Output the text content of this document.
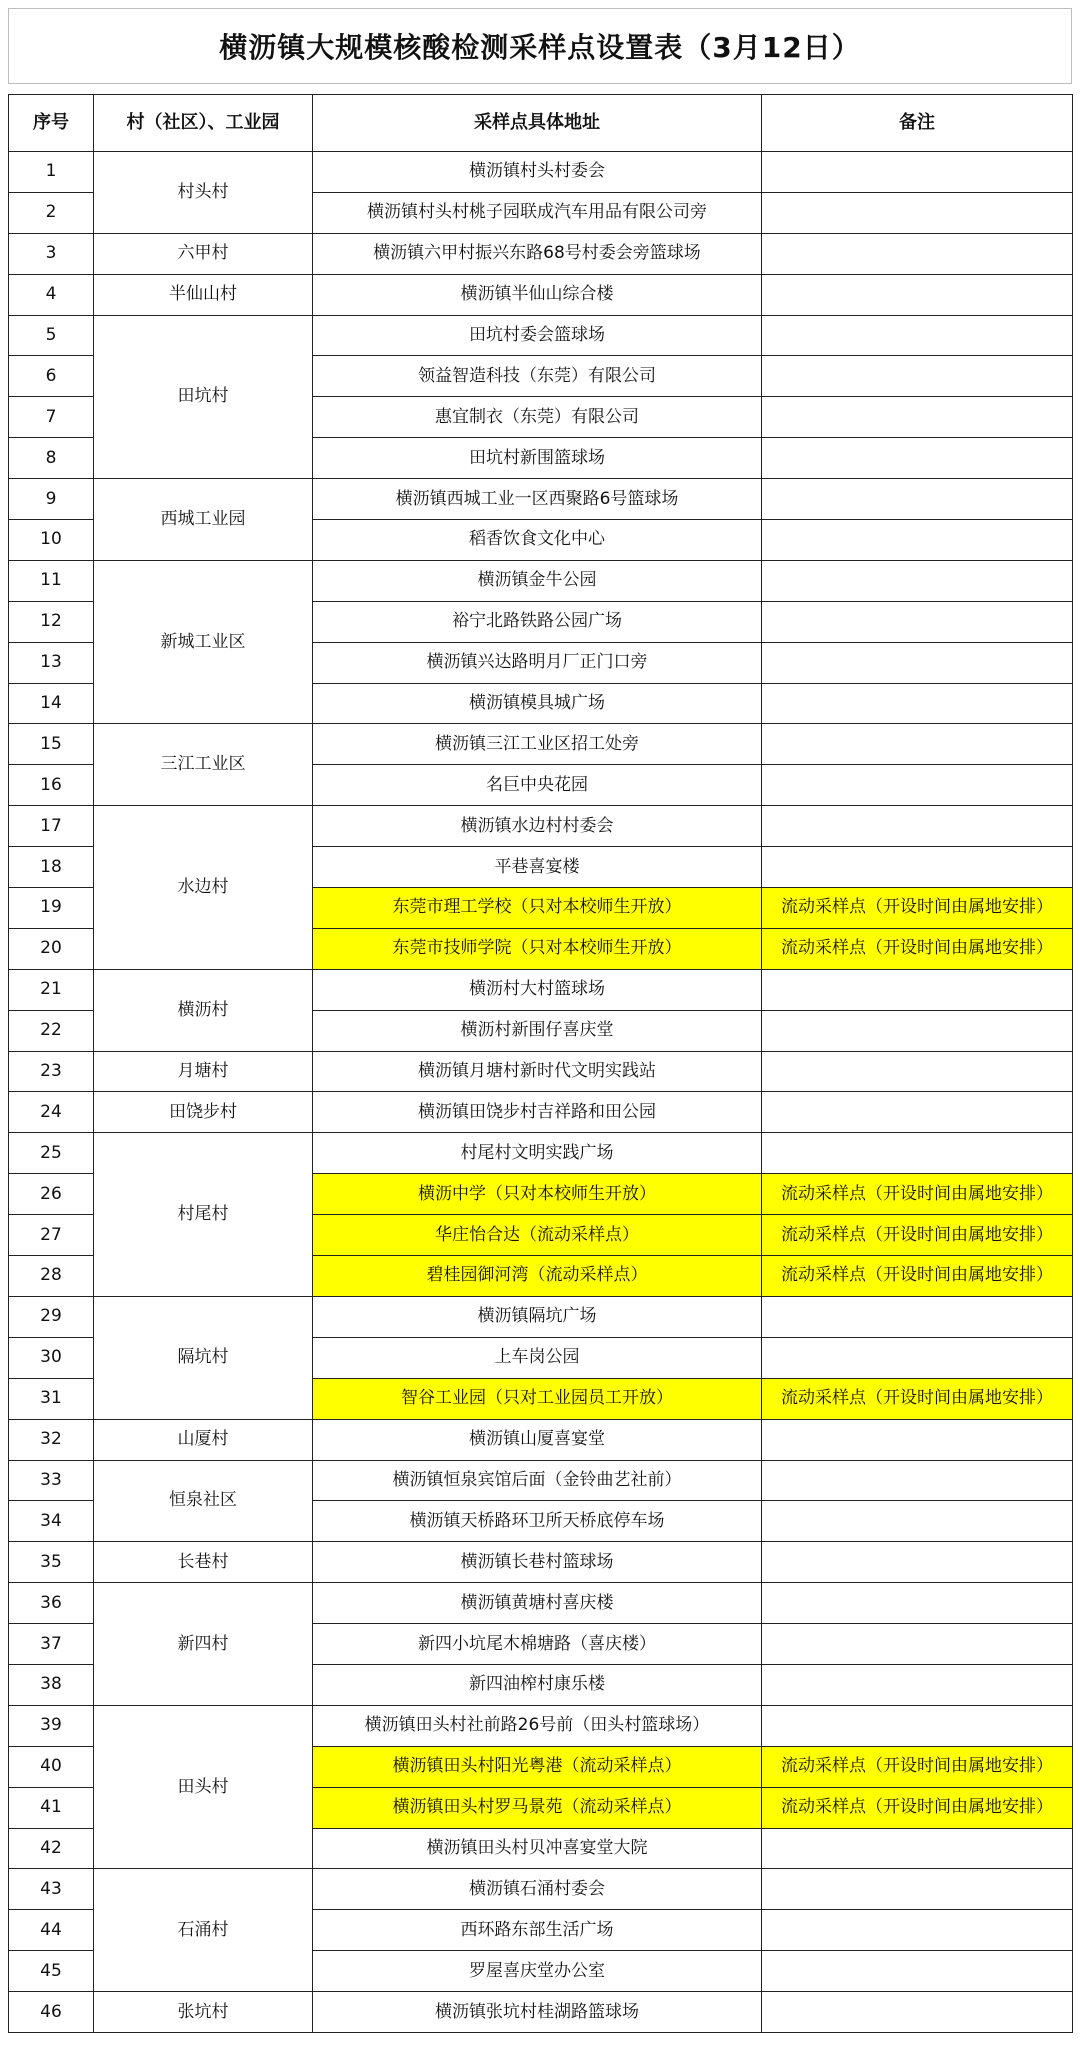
横沥镇大规模核酸检测采样点设置表（3月12日）
序号	村（社区）、工业园	采样点具体地址	备注
1	村头村	横沥镇村头村委会	
2		横沥镇村头村桃子园联成汽车用品有限公司旁	
3	六甲村	横沥镇六甲村振兴东路68号村委会旁篮球场	
4	半仙山村	横沥镇半仙山综合楼	
5	田坑村	田坑村委会篮球场	
6		领益智造科技（东莞）有限公司	
7		惠宜制衣（东莞）有限公司	
8		田坑村新围篮球场	
9	西城工业园	横沥镇西城工业一区西聚路6号篮球场	
10		稻香饮食文化中心	
11	新城工业区	横沥镇金牛公园	
12		裕宁北路铁路公园广场	
13		横沥镇兴达路明月厂正门口旁	
14		横沥镇模具城广场	
15	三江工业区	横沥镇三江工业区招工处旁	
16		名巨中央花园	
17	水边村	横沥镇水边村村委会	
18		平巷喜宴楼	
19		东莞市理工学校（只对本校师生开放）	流动采样点（开设时间由属地安排）
20		东莞市技师学院（只对本校师生开放）	流动采样点（开设时间由属地安排）
21	横沥村	横沥村大村篮球场	
22		横沥村新围仔喜庆堂	
23	月塘村	横沥镇月塘村新时代文明实践站	
24	田饶步村	横沥镇田饶步村吉祥路和田公园	
25	村尾村	村尾村文明实践广场	
26		横沥中学（只对本校师生开放）	流动采样点（开设时间由属地安排）
27		华庄怡合达（流动采样点）	流动采样点（开设时间由属地安排）
28		碧桂园御河湾（流动采样点）	流动采样点（开设时间由属地安排）
29	隔坑村	横沥镇隔坑广场	
30		上车岗公园	
31		智谷工业园（只对工业园员工开放）	流动采样点（开设时间由属地安排）
32	山厦村	横沥镇山厦喜宴堂	
33	恒泉社区	横沥镇恒泉宾馆后面（金铃曲艺社前）	
34		横沥镇天桥路环卫所天桥底停车场	
35	长巷村	横沥镇长巷村篮球场	
36	新四村	横沥镇黄塘村喜庆楼	
37		新四小坑尾木棉塘路（喜庆楼）	
38		新四油榨村康乐楼	
39	田头村	横沥镇田头村社前路26号前（田头村篮球场）	
40		横沥镇田头村阳光粤港（流动采样点）	流动采样点（开设时间由属地安排）
41		横沥镇田头村罗马景苑（流动采样点）	流动采样点（开设时间由属地安排）
42		横沥镇田头村贝冲喜宴堂大院	
43	石涌村	横沥镇石涌村委会	
44		西环路东部生活广场	
45		罗屋喜庆堂办公室	
46	张坑村	横沥镇张坑村桂湖路篮球场	
